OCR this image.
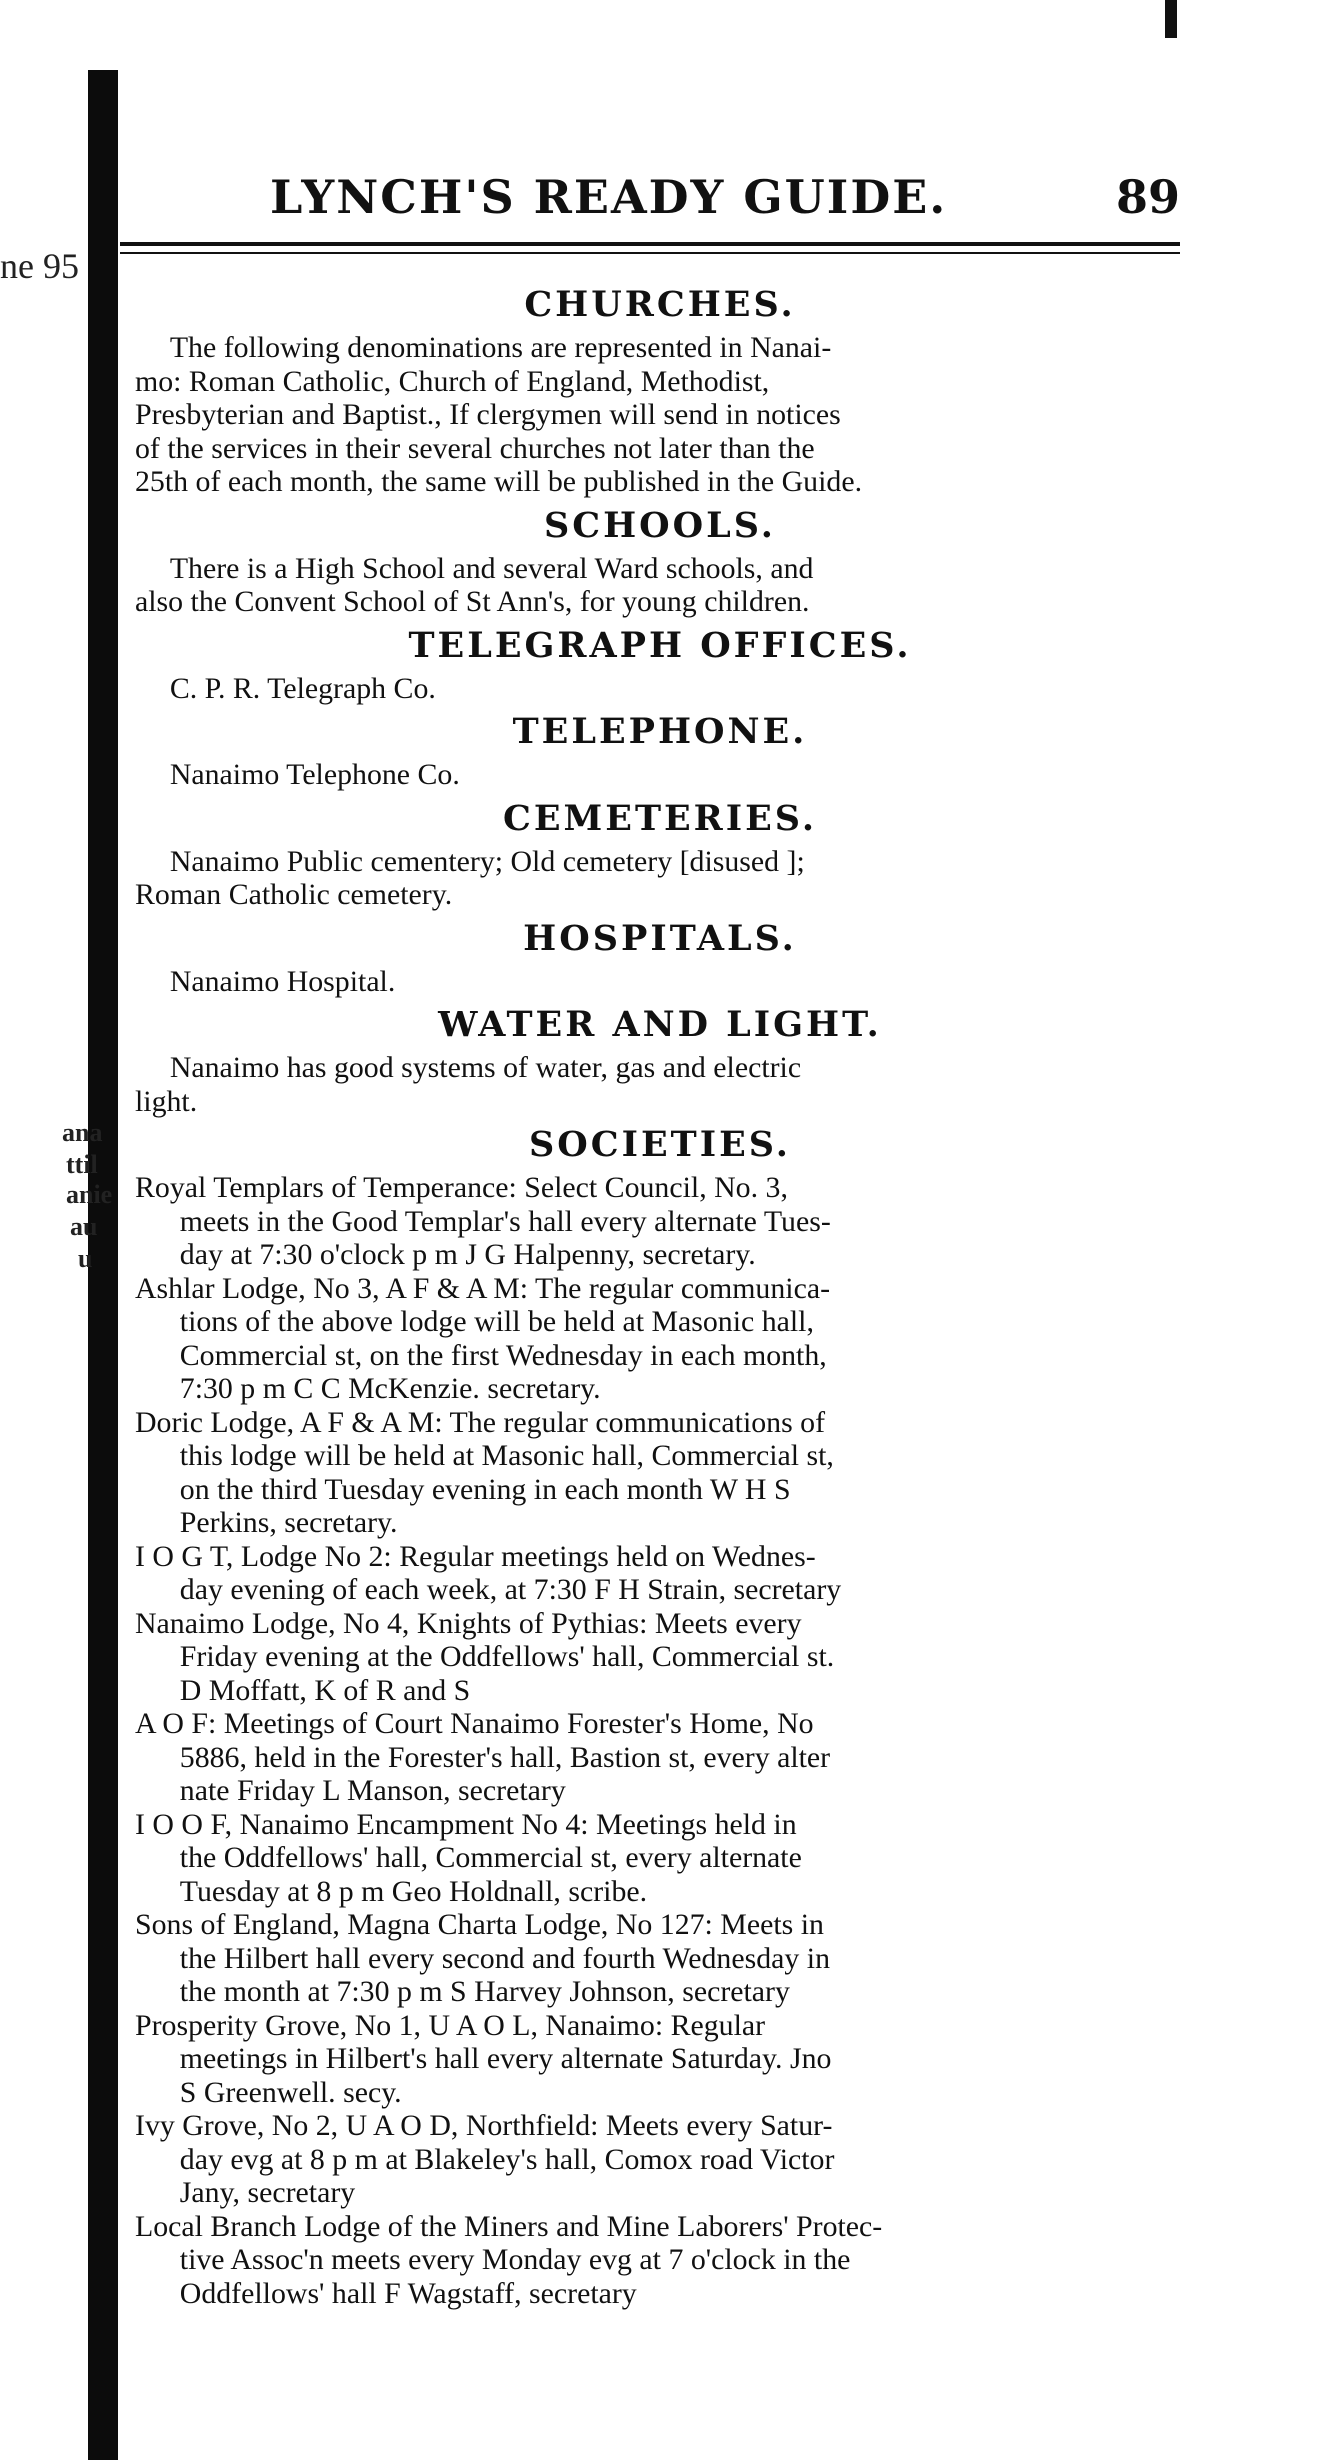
ne 95
ana
ttil
anie
au
u
LYNCH'S READY GUIDE.	89
CHURCHES.
The following denominations are represented in Nanai-
mo: Roman Catholic, Church of England, Methodist,
Presbyterian and Baptist., If clergymen will send in notices
of the services in their several churches not later than the
25th of each month, the same will be published in the Guide.
SCHOOLS.
There is a High School and several Ward schools, and
also the Convent School of St Ann's, for young children.
TELEGRAPH OFFICES.
C. P. R. Telegraph Co.
TELEPHONE.
Nanaimo Telephone Co.
CEMETERIES.
Nanaimo Public cementery; Old cemetery [disused ];
Roman Catholic cemetery.
HOSPITALS.
Nanaimo Hospital.
WATER AND LIGHT.
Nanaimo has good systems of water, gas and electric
light.
SOCIETIES.
Royal Templars of Temperance: Select Council, No. 3,
meets in the Good Templar's hall every alternate Tues-
day at 7:30 o'clock p m J G Halpenny, secretary.
Ashlar Lodge, No 3, A F & A M: The regular communica-
tions of the above lodge will be held at Masonic hall,
Commercial st, on the first Wednesday in each month,
7:30 p m C C McKenzie. secretary.
Doric Lodge, A F & A M: The regular communications of
this lodge will be held at Masonic hall, Commercial st,
on the third Tuesday evening in each month W H S
Perkins, secretary.
I O G T, Lodge No 2: Regular meetings held on Wednes-
day evening of each week, at 7:30 F H Strain, secretary
Nanaimo Lodge, No 4, Knights of Pythias: Meets every
Friday evening at the Oddfellows' hall, Commercial st.
D Moffatt, K of R and S
A O F: Meetings of Court Nanaimo Forester's Home, No
5886, held in the Forester's hall, Bastion st, every alter
nate Friday L Manson, secretary
I O O F, Nanaimo Encampment No 4: Meetings held in
the Oddfellows' hall, Commercial st, every alternate
Tuesday at 8 p m Geo Holdnall, scribe.
Sons of England, Magna Charta Lodge, No 127: Meets in
the Hilbert hall every second and fourth Wednesday in
the month at 7:30 p m S Harvey Johnson, secretary
Prosperity Grove, No 1, U A O L, Nanaimo: Regular
meetings in Hilbert's hall every alternate Saturday. Jno
S Greenwell. secy.
Ivy Grove, No 2, U A O D, Northfield: Meets every Satur-
day evg at 8 p m at Blakeley's hall, Comox road Victor
Jany, secretary
Local Branch Lodge of the Miners and Mine Laborers' Protec-
tive Assoc'n meets every Monday evg at 7 o'clock in the
Oddfellows' hall F Wagstaff, secretary
